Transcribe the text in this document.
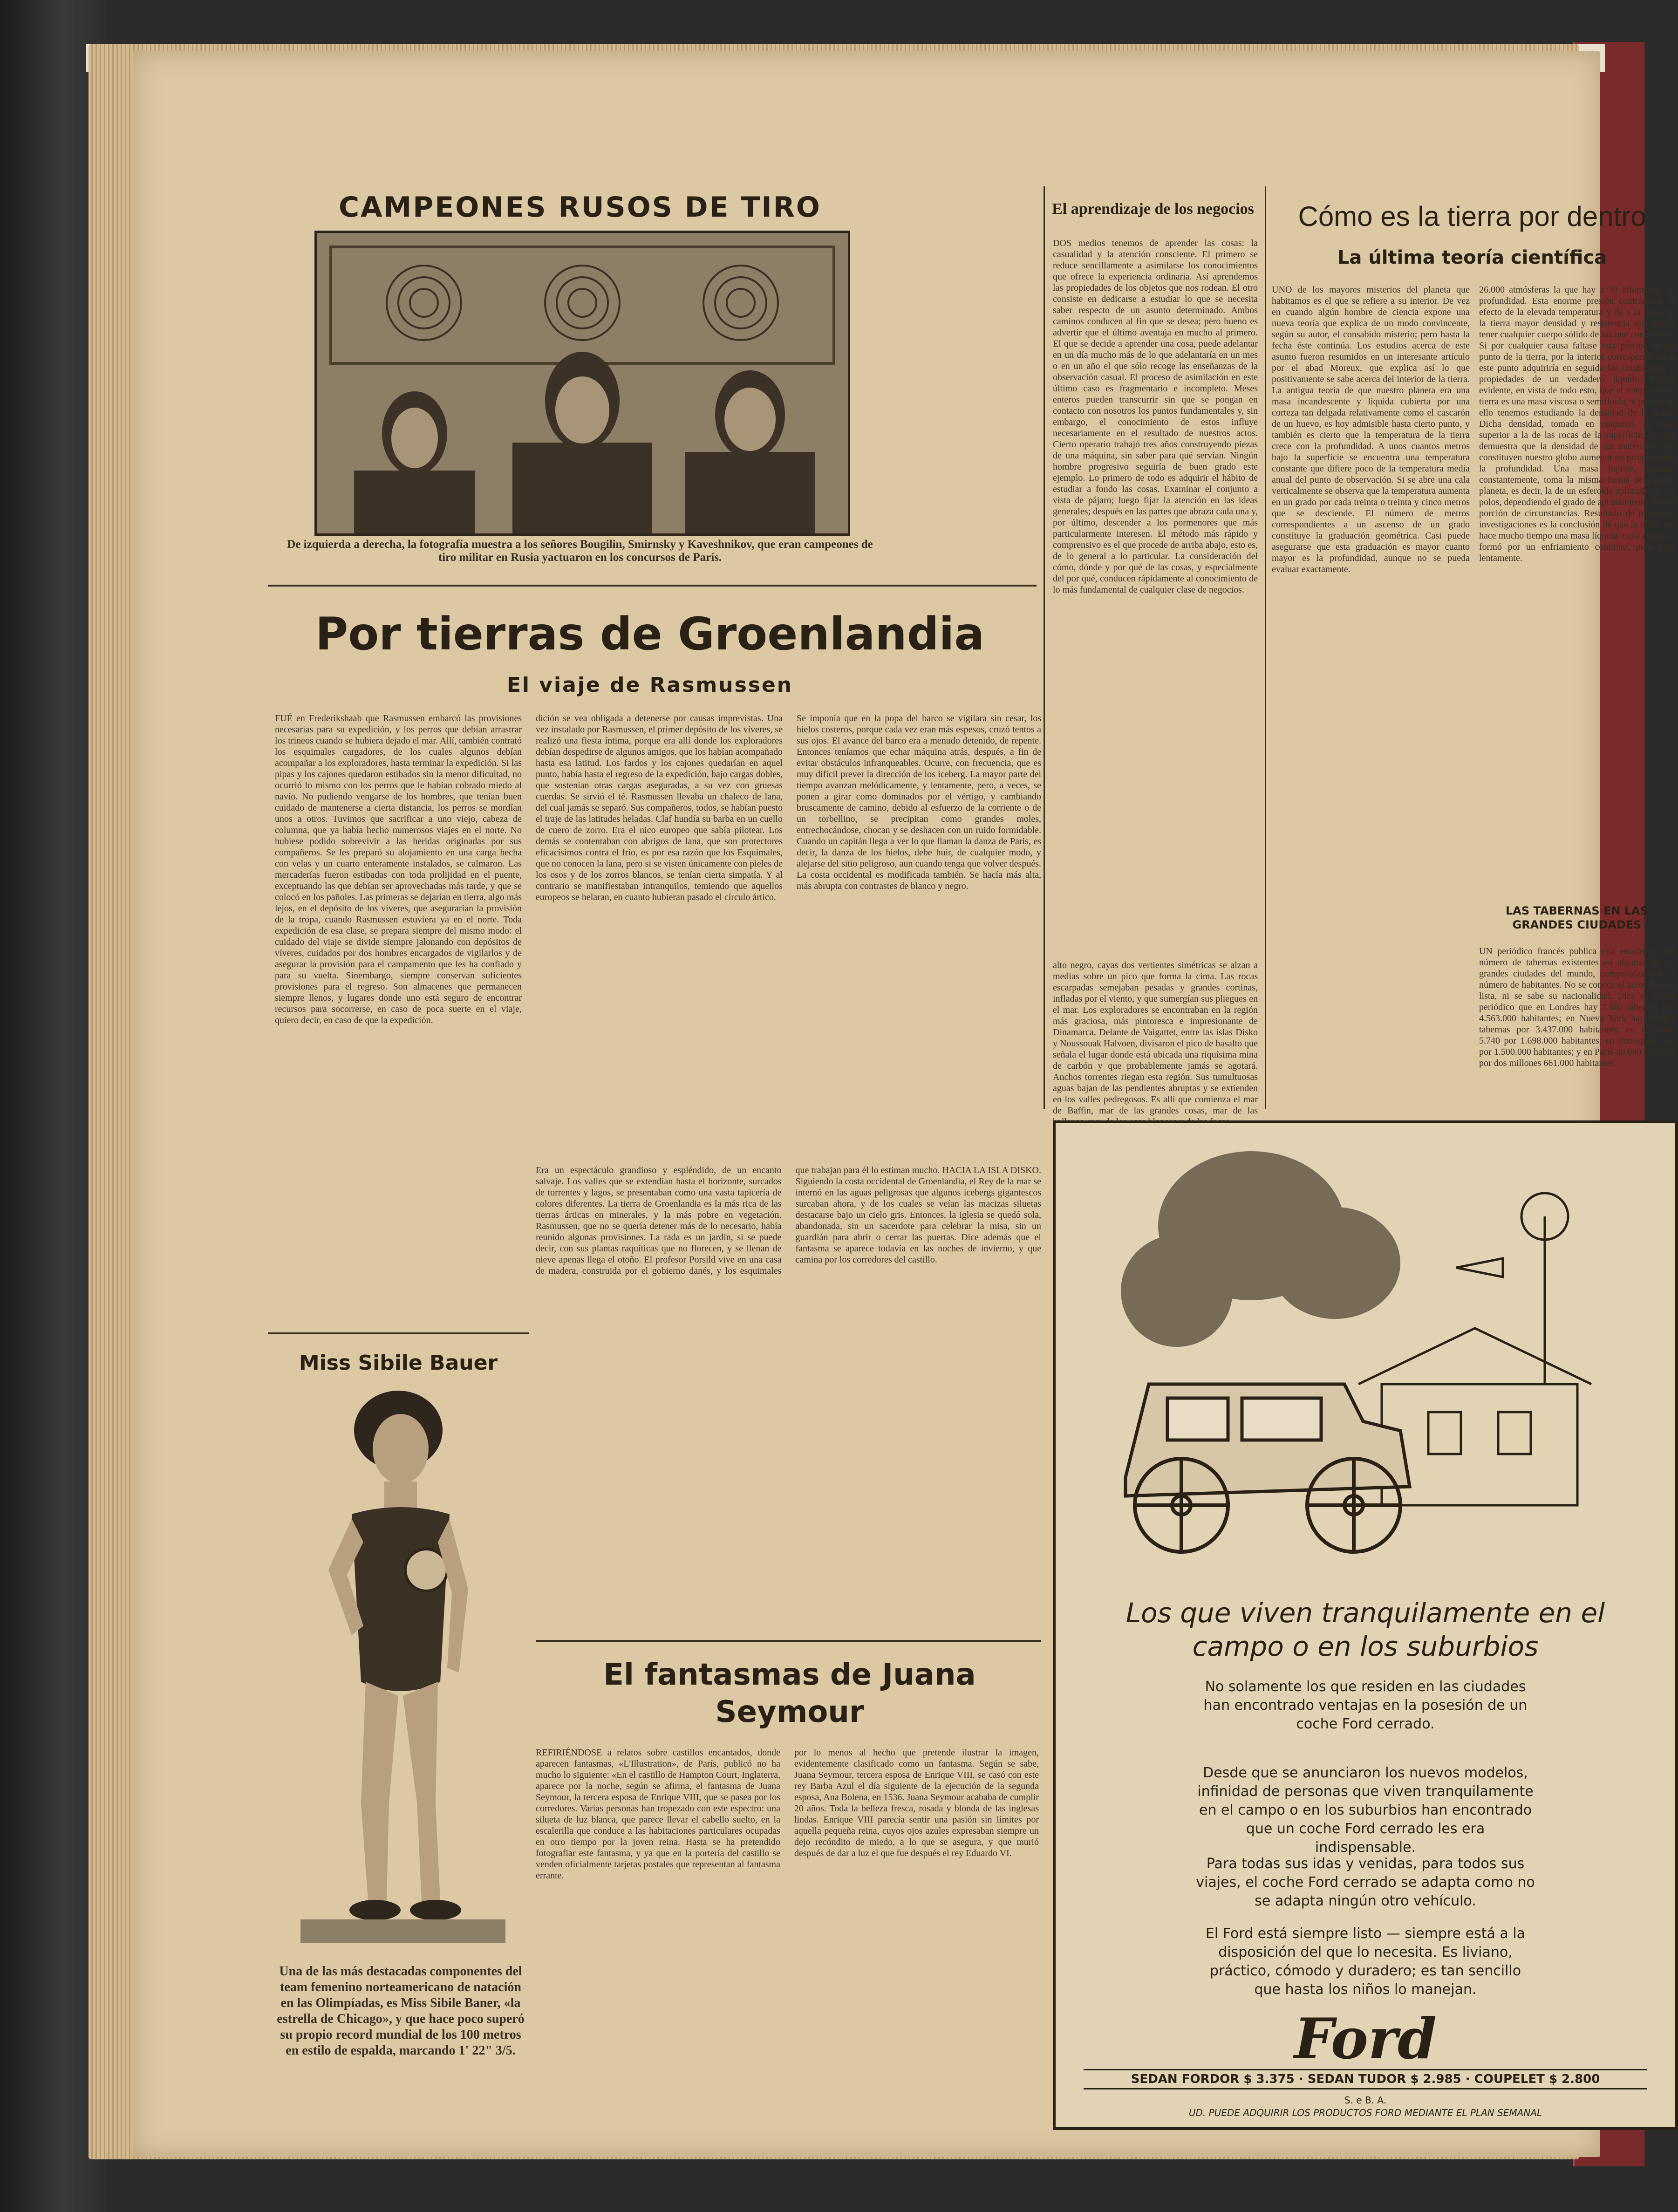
CAMPEONES RUSOS DE TIRO
De izquierda a derecha, la fotografía muestra a los señores Bougilin, Smirnsky y Kaveshnikov, que eran campeones de tiro militar en Rusia yactuaron en los concursos de París.
Por tierras de Groenlandia
El viaje de Rasmussen
FUÉ en Frederikshaab que Rasmussen embarcó las provisiones necesarias para su expedición, y los perros que debían arrastrar los trineos cuando se hubiera dejado el mar. Allí, también contrató los esquimales cargadores, de los cuales algunos debían acompañar a los exploradores, hasta terminar la expedición. Si las pipas y los cajones quedaron estibados sin la menor dificultad, no ocurrió lo mismo con los perros que le habían cobrado miedo al navío. No pudiendo vengarse de los hombres, que tenían buen cuidado de mantenerse a cierta distancia, los perros se mordían unos a otros. Tuvimos que sacrificar a uno viejo, cabeza de columna, que ya había hecho numerosos viajes en el norte. No hubiese podido sobrevivir a las heridas originadas por sus compañeros. Se les preparó su alojamiento en una carga hecha con velas y un cuarto enteramente instalados, se calmaron. Las mercaderías fueron estibadas con toda prolijidad en el puente, exceptuando las que debían ser aprovechadas más tarde, y que se colocó en los pañoles. Las primeras se dejarían en tierra, algo más lejos, en el depósito de los víveres, que asegurarían la provisión de la tropa, cuando Rasmussen estuviera ya en el norte. Toda expedición de esa clase, se prepara siempre del mismo modo: el cuidado del viaje se divide siempre jalonando con depósitos de víveres, cuidados por dos hombres encargados de vigilarlos y de asegurar la provisión para el campamento que les ha confiado y para su vuelta. Sinembargo, siempre conservan suficientes provisiones para el regreso. Son almacenes que permanecen siempre llenos, y lugares donde uno está seguro de encontrar recursos para socorrerse, en caso de poca suerte en el viaje, quiero decir, en caso de que la expedición.
dición se vea obligada a detenerse por causas imprevistas. Una vez instalado por Rasmussen, el primer depósito de los víveres, se realizó una fiesta íntima, porque era allí donde los exploradores debían despedirse de algunos amigos, que los habían acompañado hasta esa latitud. Los fardos y los cajones quedarían en aquel punto, había hasta el regreso de la expedición, bajo cargas dobles, que sostenían otras cargas aseguradas, a su vez con gruesas cuerdas. Se sirvió el té. Rasmussen llevaba un chaleco de lana, del cual jamás se separó. Sus compañeros, todos, se habían puesto el traje de las latitudes heladas. Claf hundía su barba en un cuello de cuero de zorro. Era el nico europeo que sabía pilotear. Los demás se contentaban con abrigos de lana, que son protectores eficacísimos contra el frío, es por esa razón que los Esquimales, que no conocen la lana, pero si se visten únicamente con pieles de los osos y de los zorros blancos, se tenían cierta simpatía. Y al contrario se manifiestaban intranquilos, temiendo que aquellos europeos se helaran, en cuanto hubieran pasado el círculo ártico.
Se imponía que en la popa del barco se vigilara sin cesar, los hielos costeros, porque cada vez eran más espesos, cruzó tentos a sus ojos. El avance del barco era a menudo detenido, de repente. Entonces teníamos que echar máquina atrás, después, a fin de evitar obstáculos infranqueables. Ocurre, con frecuencia, que es muy difícil prever la dirección de los iceberg. La mayor parte del tiempo avanzan melódicamente, y lentamente, pero, a veces, se ponen a girar como dominados por el vértigo, y cambiando bruscamente de camino, debido al esfuerzo de la corriente o de un torbellino, se precipitan como grandes moles, entrechocándose, chocan y se deshacen con un ruido formidable. Cuando un capitán llega a ver lo que llaman la danza de Paris, es decir, la danza de los hielos, debe huir, de cualquier modo, y alejarse del sitio peligroso, aun cuando tenga que volver después. La costa occidental es modificada también. Se hacía más alta, más abrupta con contrastes de blanco y negro.
Miss Sibile Bauer
Una de las más destacadas componentes del team femenino norteamericano de natación en las Olimpíadas, es Miss Sibile Baner, «la estrella de Chicago», y que hace poco superó su propio record mundial de los 100 metros en estilo de espalda, marcando 1' 22" 3/5.
Era un espectáculo grandioso y espléndido, de un encanto salvaje. Los valles que se extendían hasta el horizonte, surcados de torrentes y lagos, se presentaban como una vasta tapicería de colores diferentes. La tierra de Groenlandia es la más rica de las tierras árticas en minerales, y la más pobre en vegetación. Rasmussen, que no se quería detener más de lo necesario, había reunido algunas provisiones. La rada es un jardín, si se puede decir, con sus plantas raquíticas que no florecen, y se llenan de nieve apenas llega el otoño. El profesor Porsild vive en una casa de madera, construida por el gobierno danés, y los esquimales que trabajan para él lo estiman mucho. HACIA LA ISLA DISKO. Siguiendo la costa occidental de Groenlandia, el Rey de la mar se internó en las aguas peligrosas que algunos icebergs gigantescos surcaban ahora, y de los cuales se veían las macizas siluetas destacarse bajo un cielo gris. Entonces, la iglesia se quedó sola, abandonada, sin un sacerdote para celebrar la misa, sin un guardián para abrir o cerrar las puertas. Dice además que el fantasma se aparece todavía en las noches de invierno, y que camina por los corredores del castillo.
El fantasmas de Juana Seymour
REFIRIÉNDOSE a relatos sobre castillos encantados, donde aparecen fantasmas, «L'Illustration», de París, publicó no ha mucho lo siguiente: «En el castillo de Hampton Court, Inglaterra, aparece por la noche, según se afirma, el fantasma de Juana Seymour, la tercera esposa de Enrique VIII, que se pasea por los corredores. Varias personas han tropezado con este espectro: una silueta de luz blanca, que parece llevar el cabello suelto, en la escalerilla que conduce a las habitaciones particulares ocupadas en otro tiempo por la joven reina. Hasta se ha pretendido fotografiar este fantasma, y ya que en la portería del castillo se venden oficialmente tarjetas postales que representan al fantasma errante.
por lo menos al hecho que pretende ilustrar la imagen, evidentemente clasificado como un fantasma. Según se sabe, Juana Seymour, tercera esposa de Enrique VIII, se casó con este rey Barba Azul el día siguiente de la ejecución de la segunda esposa, Ana Bolena, en 1536. Juana Seymour acababa de cumplir 20 años. Toda la belleza fresca, rosada y blonda de las inglesas lindas. Enrique VIII parecía sentir una pasión sin límites por aquella pequeña reina, cuyos ojos azules expresaban siempre un dejo recóndito de miedo, a lo que se asegura, y que murió después de dar a luz el que fue después el rey Eduardo VI.
El aprendizaje de los negocios
DOS medios tenemos de aprender las cosas: la casualidad y la atención consciente. El primero se reduce sencillamente a asimilarse los conocimientos que ofrece la experiencia ordinaria. Así aprendemos las propiedades de los objetos que nos rodean. El otro consiste en dedicarse a estudiar lo que se necesita saber respecto de un asunto determinado. Ambos caminos conducen al fin que se desea; pero bueno es advertir que el último aventaja en mucho al primero. El que se decide a aprender una cosa, puede adelantar en un día mucho más de lo que adelantaría en un mes o en un año el que sólo recoge las enseñanzas de la observación casual. El proceso de asimilación en este último caso es fragmentario e incompleto. Meses enteros pueden transcurrir sin que se pongan en contacto con nosotros los puntos fundamentales y, sin embargo, el conocimiento de estos influye necesariamente en el resultado de nuestros actos. Cierto operario trabajó tres años construyendo piezas de una máquina, sin saber para qué servían. Ningún hombre progresivo seguiría de buen grado este ejemplo. Lo primero de todo es adquirir el hábito de estudiar a fondo las cosas. Examinar el conjunto a vista de pájaro; luego fijar la atención en las ideas generales; después en las partes que abraza cada una y, por último, descender a los pormenores que más particularmente interesen. El método más rápido y comprensivo es el que procede de arriba abajo, esto es, de lo general a lo particular. La consideración del cómo, dónde y por qué de las cosas, y especialmente del por qué, conducen rápidamente al conocimiento de lo más fundamental de cualquier clase de negocios.
alto negro, cayas dos vertientes simétricas se alzan a medias sobre un pico que forma la cima. Las rocas escarpadas semejaban pesadas y grandes cortinas, infladas por el viento, y que sumergían sus pliegues en el mar. Los exploradores se encontraban en la región más graciosa, más pintoresca e impresionante de Dinamarca. Delante de Vaigattet, entre las islas Disko y Noussouak Halvoen, divisaron el pico de basalto que señala el lugar donde está ubicada una riquísima mina de carbón y que probablemente jamás se agotará. Anchos torrentes riegan esta región. Sus tumultuosas aguas bajan de las pendientes abruptas y se extienden en los valles pedregosos. Es allí que comienza el mar de Baffin, mar de las grandes cosas, mar de las
Cómo es la tierra por dentro
La última teoría científica
UNO de los mayores misterios del planeta que habitamos es el que se refiere a su interior. De vez en cuando algún hombre de ciencia expone una nueva teoría que explica de un modo convincente, según su autor, el consabido misterio; pero hasta la fecha éste continúa. Los estudios acerca de este asunto fueron resumidos en un interesante artículo por el abad Moreux, que explica así lo que positivamente se sabe acerca del interior de la tierra. La antigua teoría de que nuestro planeta era una masa incandescente y líquida cubierta por una corteza tan delgada relativamente como el cascarón de un huevo, es hoy admisible hasta cierto punto, y también es cierto que la temperatura de la tierra crece con la profundidad. A unos cuantos metros bajo la superficie se encuentra una temperatura constante que difiere poco de la temperatura media anual del punto de observación. Si se abre una cala verticalmente se observa que la temperatura aumenta en un grado por cada treinta o treinta y cinco metros que se desciende. El número de metros correspondientes a un ascenso de un grado constituye la graduación geométrica. Casi puede asegurarse que esta graduación es mayor cuanto mayor es la profundidad, aunque no se pueda evaluar exactamente.
26.000 atmósferas la que hay a 70 kilómetros de profundidad. Esta enorme presión contrarresta el efecto de la elevada temperatura y da a la masa de la tierra mayor densidad y resistencia que pueda tener cualquier cuerpo sólido de los que conocemos. Si por cualquier causa faltase esta presión en un punto de la tierra, por la interior correspondiente a este punto adquiriría en seguida las condiciones y propiedades de un verdadero líquido. Parece evidente, en vista de todo esto, que el interior de la tierra es una masa viscosa o semifluida, y prueba de ello tenemos estudiando la densidad de la tierra. Dicha densidad, tomada en conjunto, es muy superior a la de las rocas de la superficie, lo cual demuestra que la densidad de los materiales que constituyen nuestro globo aumenta en proporción a la profundidad. Una masa líquida, girando constantemente, toma la misma forma de nuestro planeta, es decir, la de un esferoide aplanado en los polos, dependiendo el grado de aplanamiento de una porción de circunstancias. Resultado de modernas investigaciones es la conclusión de que la tierra fué hace mucho tiempo una masa líquida, cuya costra se formó por un enfriamiento continuo, pero muy lentamente.
LAS TABERNAS EN LAS GRANDES CIUDADES
UN periódico francés publica una estadística del número de tabernas existentes en algunas de las grandes ciudades del mundo, comparadas con el número de habitantes. No se conoce el autor de esta lista, ni se sabe su nacionalidad. Dice el citado periódico que en Londres hay 7.580 tabernas por 4.563.000 habitantes; en Nueva York hay 10.821 tabernas por 3.437.000 habitantes; en Chicago, 5.740 por 1.698.000 habitantes; en Petrograd, 513 por 1.500.000 habitantes; y en París 30.000 tabernas por dos millones 661.000 habitantes.
Los que viven tranquilamente en el campo o en los suburbios
No solamente los que residen en las ciudades han encontrado ventajas en la posesión de un coche Ford cerrado.
Desde que se anunciaron los nuevos modelos, infinidad de personas que viven tranquilamente en el campo o en los suburbios han encontrado que un coche Ford cerrado les era indispensable.
Para todas sus idas y venidas, para todos sus viajes, el coche Ford cerrado se adapta como no se adapta ningún otro vehículo.
El Ford está siempre listo — siempre está a la disposición del que lo necesita. Es liviano, práctico, cómodo y duradero; es tan sencillo que hasta los niños lo manejan.
Ford
SEDAN FORDOR $ 3.375 · SEDAN TUDOR $ 2.985 · COUPELET $ 2.800
S. e B. A.
UD. PUEDE ADQUIRIR LOS PRODUCTOS FORD MEDIANTE EL PLAN SEMANAL
